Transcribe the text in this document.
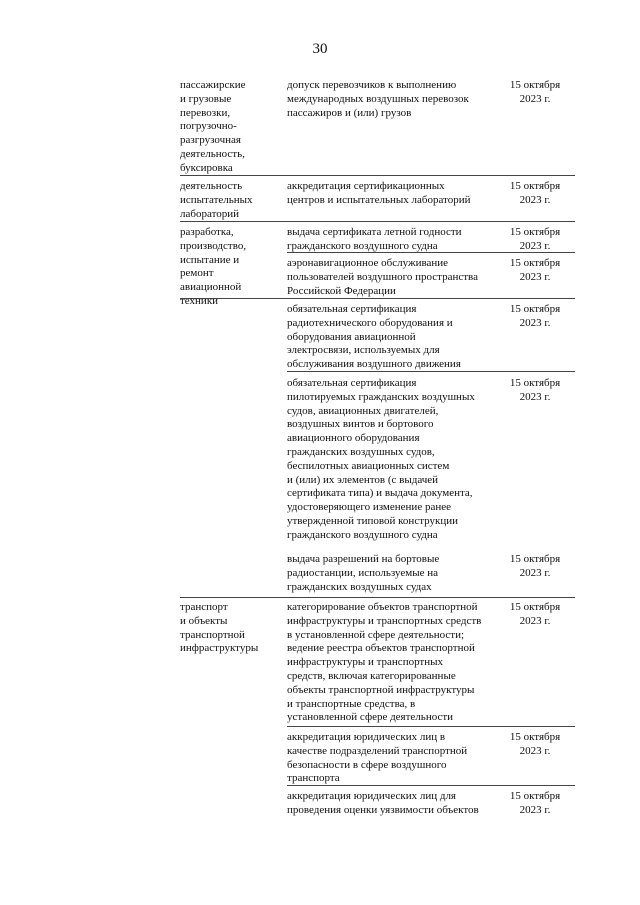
30
пассажирские
и грузовые
перевозки,
погрузочно-
разгрузочная
деятельность,
буксировка
допуск перевозчиков к выполнению
международных воздушных перевозок
пассажиров и (или) грузов
15 октября
2023 г.
деятельность
испытательных
лабораторий
аккредитация сертификационных
центров и испытательных лабораторий
15 октября
2023 г.
разработка,
производство,
испытание и
ремонт
авиационной
техники
выдача сертификата летной годности
гражданского воздушного судна
15 октября
2023 г.
аэронавигационное обслуживание
пользователей воздушного пространства
Российской Федерации
15 октября
2023 г.
обязательная сертификация
радиотехнического оборудования и
оборудования авиационной
электросвязи, используемых для
обслуживания воздушного движения
15 октября
2023 г.
обязательная сертификация
пилотируемых гражданских воздушных
судов, авиационных двигателей,
воздушных винтов и бортового
авиационного оборудования
гражданских воздушных судов,
беспилотных авиационных систем
и (или) их элементов (с выдачей
сертификата типа) и выдача документа,
удостоверяющего изменение ранее
утвержденной типовой конструкции
гражданского воздушного судна
15 октября
2023 г.
выдача разрешений на бортовые
радиостанции, используемые на
гражданских воздушных судах
15 октября
2023 г.
транспорт
и объекты
транспортной
инфраструктуры
категорирование объектов транспортной
инфраструктуры и транспортных средств
в установленной сфере деятельности;
ведение реестра объектов транспортной
инфраструктуры и транспортных
средств, включая категорированные
объекты транспортной инфраструктуры
и транспортные средства, в
установленной сфере деятельности
15 октября
2023 г.
аккредитация юридических лиц в
качестве подразделений транспортной
безопасности в сфере воздушного
транспорта
15 октября
2023 г.
аккредитация юридических лиц для
проведения оценки уязвимости объектов
15 октября
2023 г.
